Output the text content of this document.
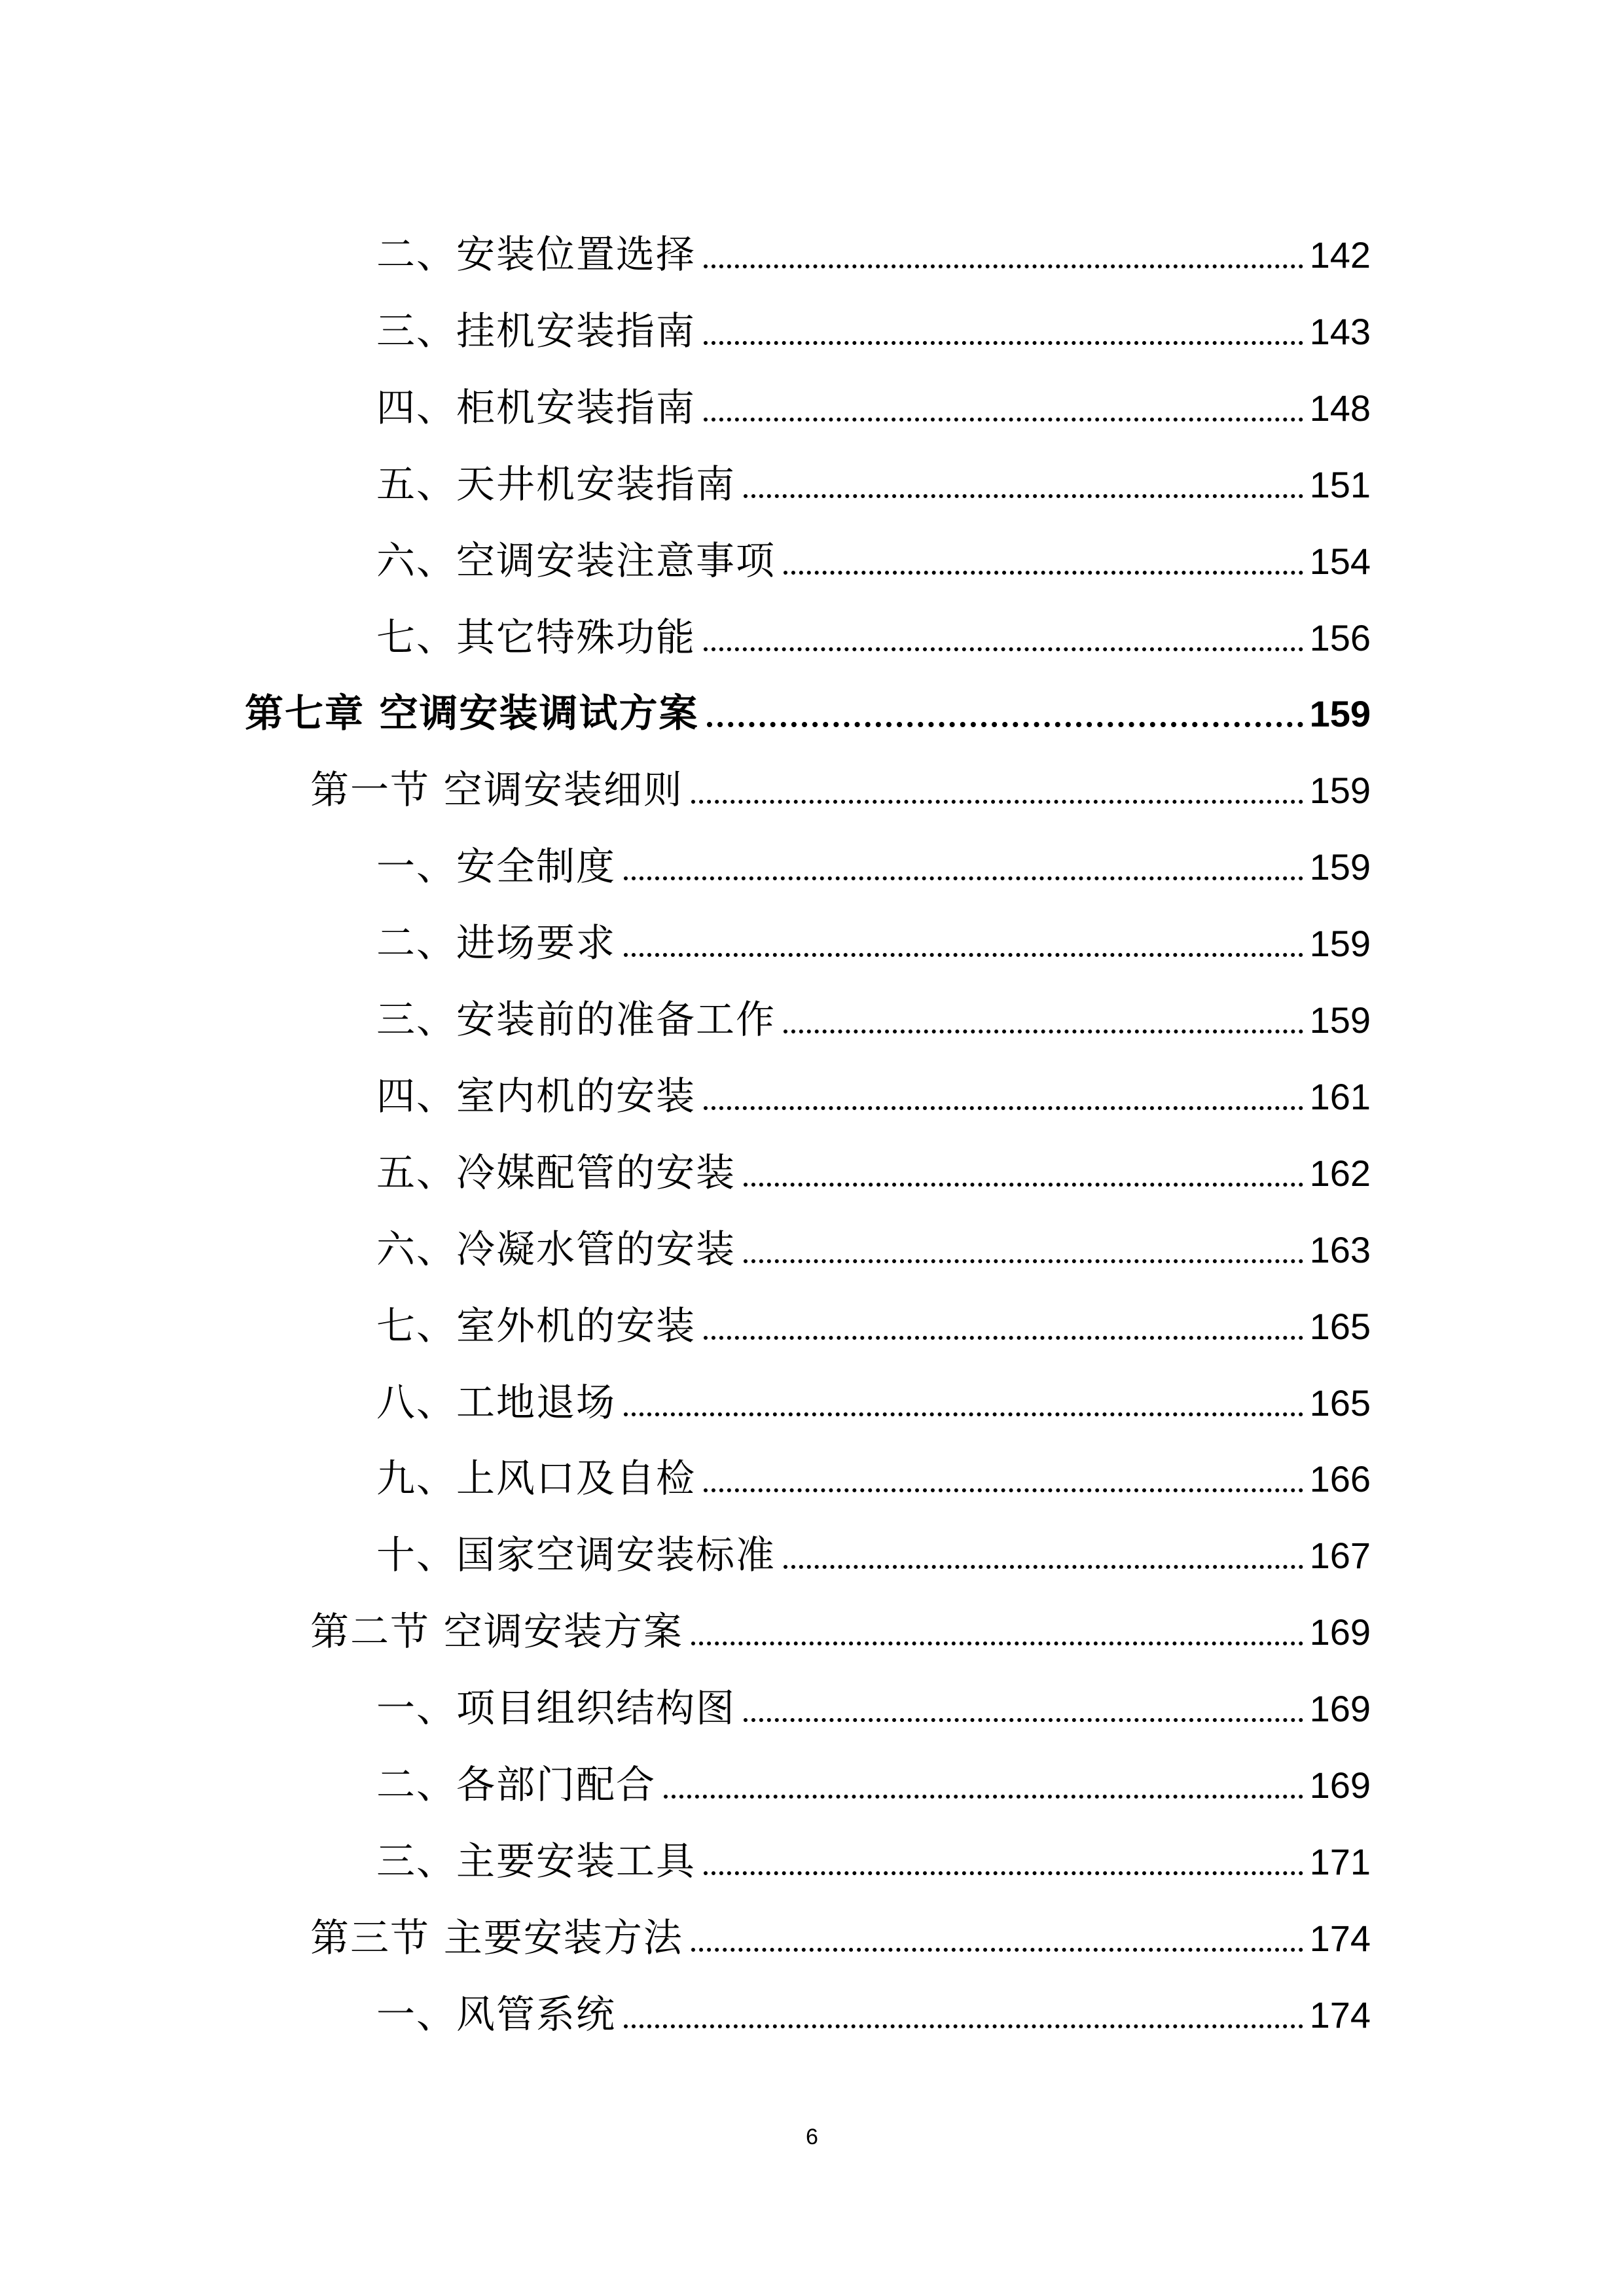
二、安装位置选择	142
三、挂机安装指南	143
四、柜机安装指南	148
五、天井机安装指南	151
六、空调安装注意事项	154
七、其它特殊功能	156
第七章 空调安装调试方案	159
第一节 空调安装细则	159
一、安全制度	159
二、进场要求	159
三、安装前的准备工作	159
四、室内机的安装	161
五、冷媒配管的安装	162
六、冷凝水管的安装	163
七、室外机的安装	165
八、工地退场	165
九、上风口及自检	166
十、国家空调安装标准	167
第二节 空调安装方案	169
一、项目组织结构图	169
二、各部门配合	169
三、主要安装工具	171
第三节 主要安装方法	174
一、风管系统	174
6
